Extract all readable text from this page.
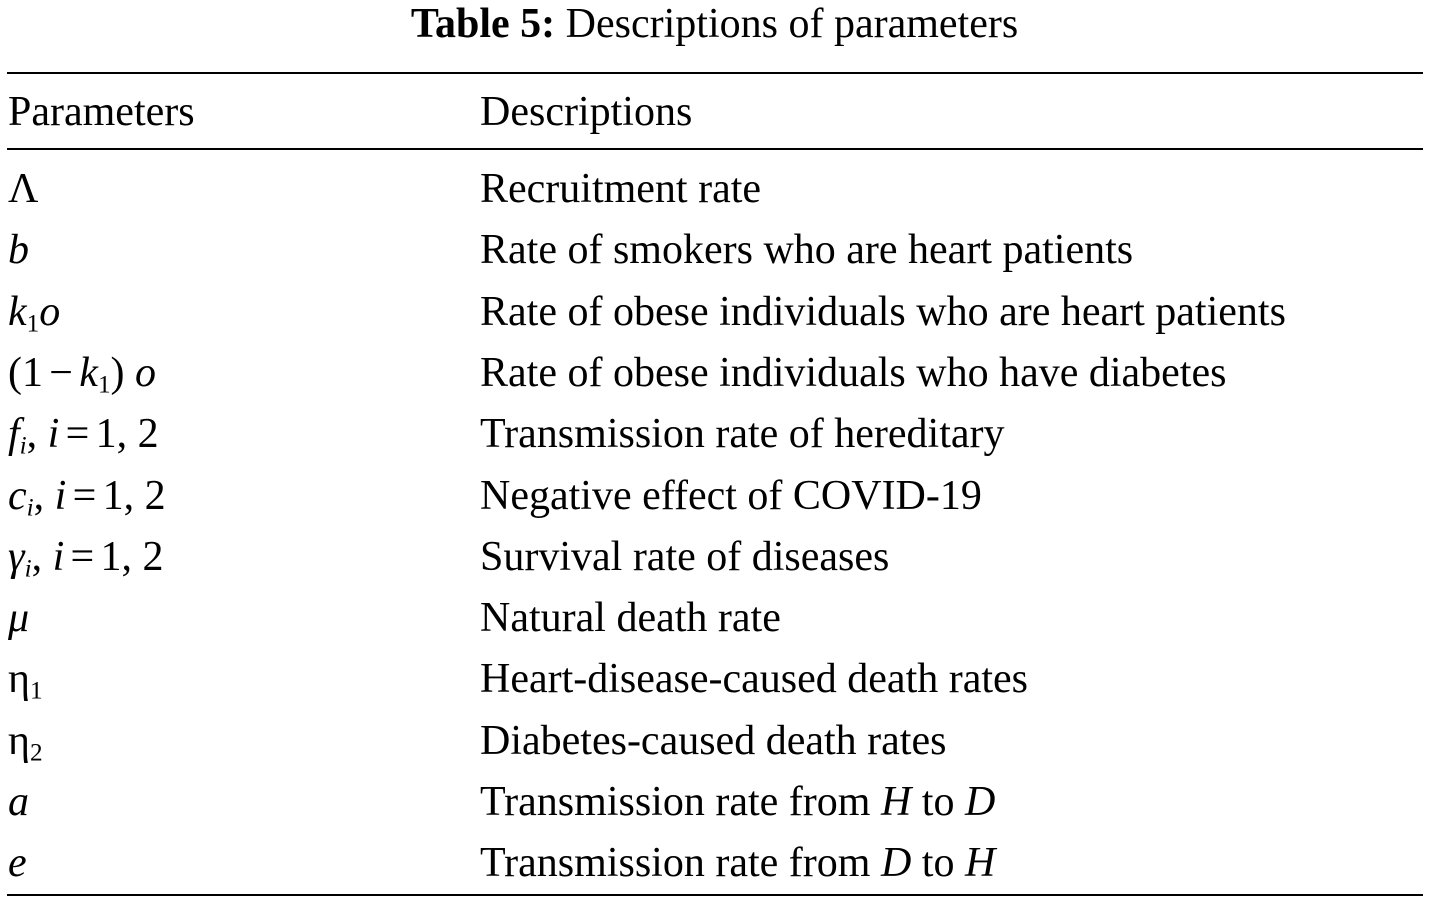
Table 5: Descriptions of parameters
Parameters	Descriptions
Λ	Recruitment rate
b	Rate of smokers who are heart patients
$k_1o$	Rate of obese individuals who are heart patients
$(1 - k_1)$ o	Rate of obese individuals who have diabetes
$f_i$, i = 1, 2	Transmission rate of hereditary
$c_i$, i = 1, 2	Negative effect of COVID-19
$\gamma_i$, i = 1, 2	Survival rate of diseases
μ	Natural death rate
$\eta_1$	Heart-disease-caused death rates
$\eta_2$	Diabetes-caused death rates
a	Transmission rate from H to D
e	Transmission rate from D to H
